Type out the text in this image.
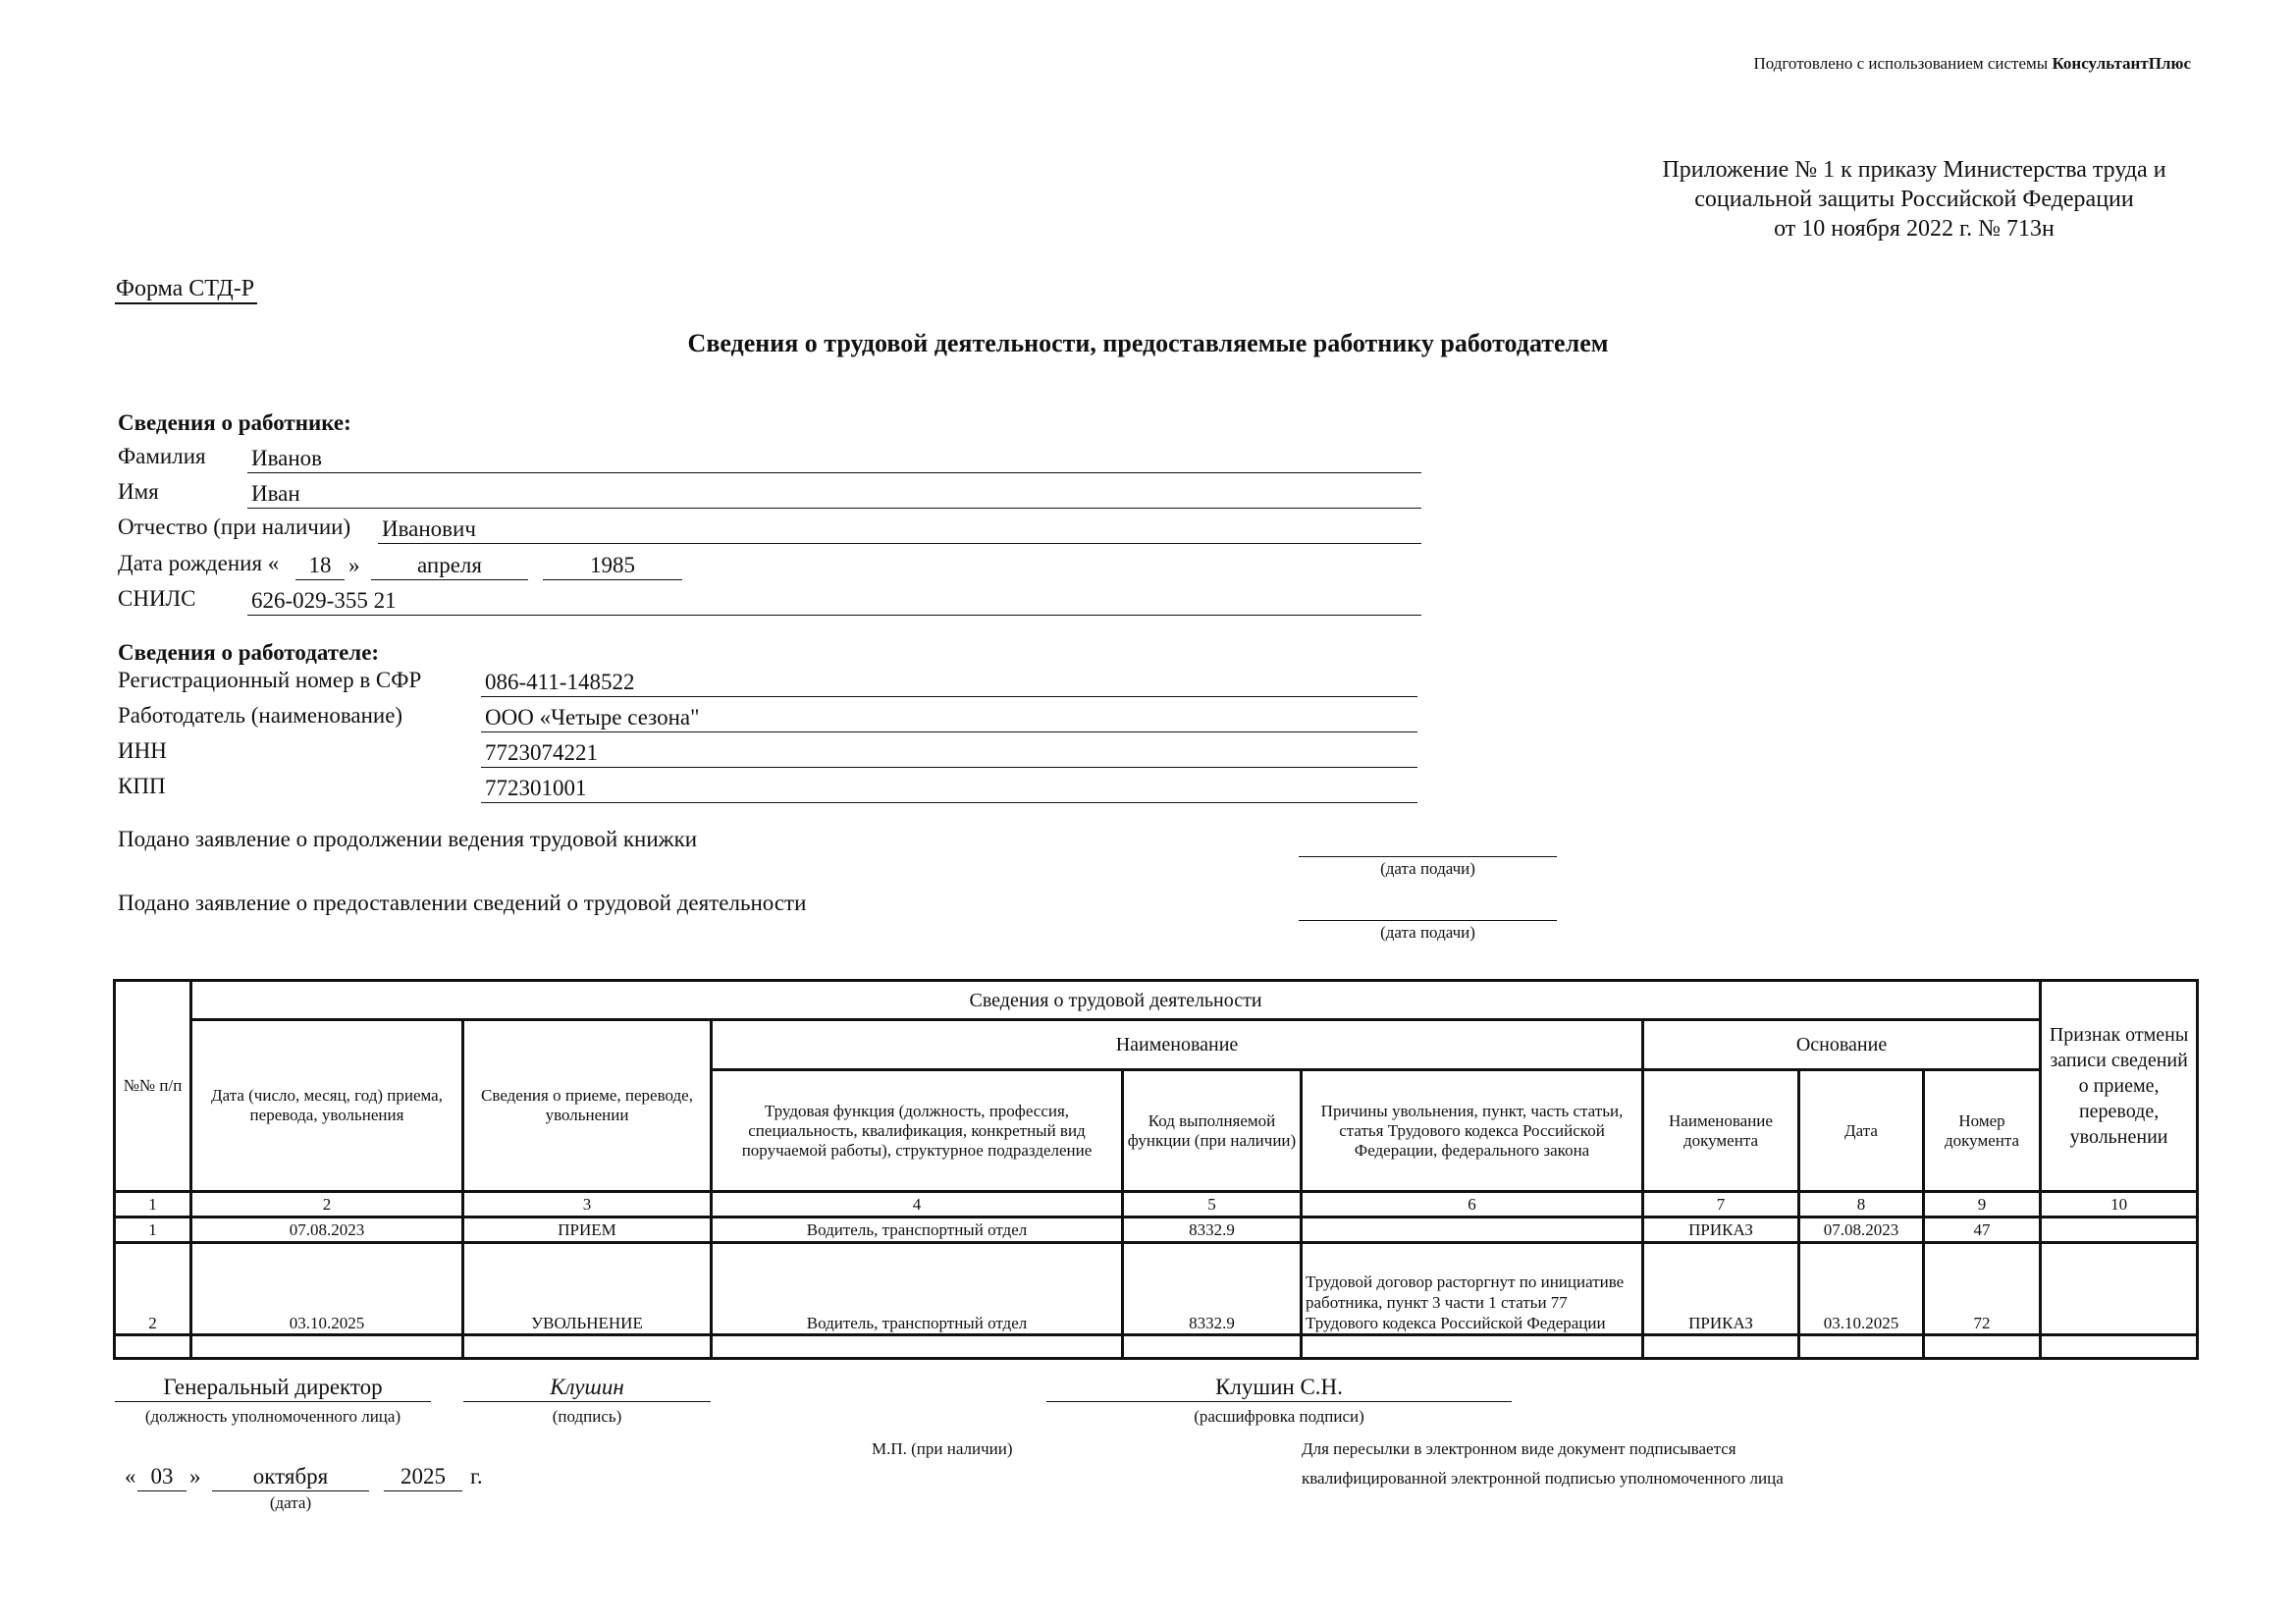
Подготовлено с использованием системы КонсультантПлюс
Приложение № 1 к приказу Министерства труда и
социальной защиты Российской Федерации
от 10 ноября 2022 г. № 713н
Форма СТД-Р
Сведения о трудовой деятельности, предоставляемые работнику работодателем
Сведения о работнике:
Фамилия Иванов
Имя	Иван
Отчество (при наличии) Иванович
Дата рождения «	18 »	апреля	1985
СНИЛС 626-029-355 21
Сведения о работодателе:
Регистрационный номер в СФР	086-411-148522
Работодатель (наименование)	ООО «Четыре сезона"
ИНН	7723074221
КПП	772301001
Подано заявление о продолжении ведения трудовой книжки
(дата подачи)
Подано заявление о предоставлении сведений о трудовой деятельности
(дата подачи)
№№ п/п	Сведения о трудовой деятельности								Признак отмены записи сведений о приеме, переводе, увольнении
	Дата (число, месяц, год) приема, перевода, увольнения	Сведения о приеме, переводе, увольнении	Наименование			Основание			
			Трудовая функция (должность, профессия, специальность, квалификация, конкретный вид поручаемой работы), структурное подразделение	Код выполняемой функции (при наличии)	Причины увольнения, пункт, часть статьи, статья Трудового кодекса Российской Федерации, федерального закона	Наименование документа	Дата	Номер документа	
1	2	3	4	5	6	7	8	9	10
1	07.08.2023	ПРИЕМ	Водитель, транспортный отдел	8332.9		ПРИКАЗ	07.08.2023	47	
2	03.10.2025	УВОЛЬНЕНИЕ	Водитель, транспортный отдел	8332.9	Трудовой договор расторгнут по инициативе работника, пункт 3 части 1 статьи 77 Трудового кодекса Российской Федерации	ПРИКАЗ	03.10.2025	72	

Генеральный директор
(должность уполномоченного лица)
Клушин
(подпись)
Клушин С.Н.
(расшифровка подписи)
М.П. (при наличии)	Для пересылки в электронном виде документ подписывается
квалифицированной электронной подписью уполномоченного лица
« 03 »	октября	2025	г.
(дата)
